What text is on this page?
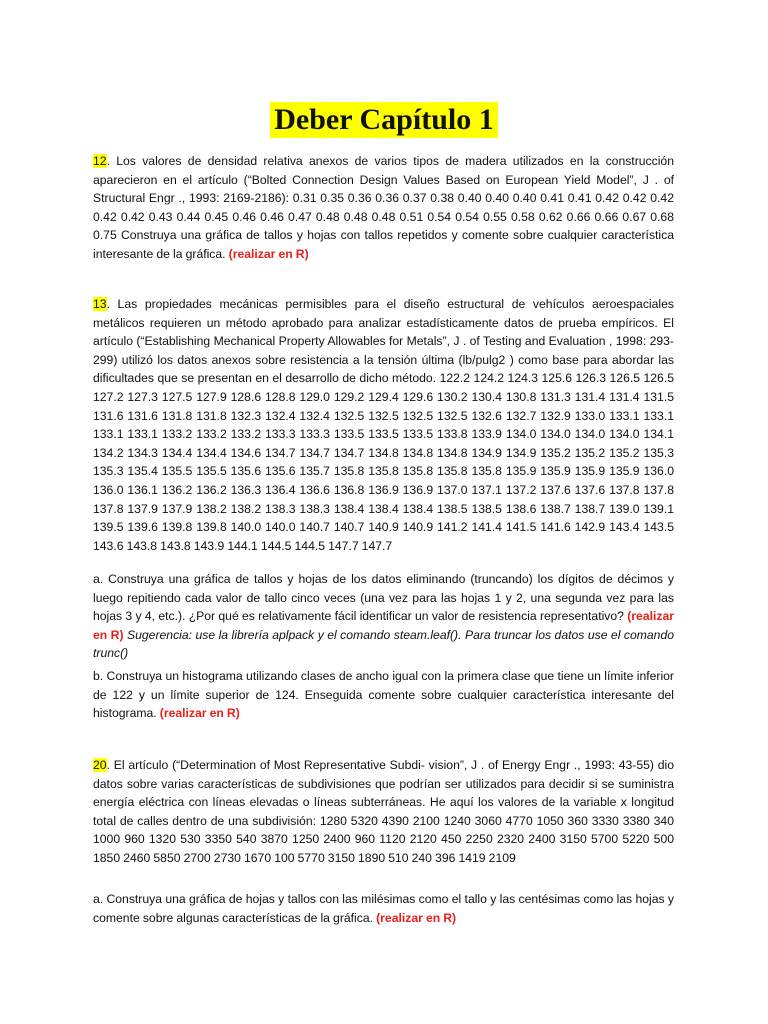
Deber Capítulo 1

12. Los valores de densidad relativa anexos de varios tipos de madera utilizados en la construcción aparecieron en el artículo (“Bolted Connection Design Values Based on European Yield Model”, J . of Structural Engr ., 1993: 2169-2186): 0.31 0.35 0.36 0.36 0.37 0.38 0.40 0.40 0.40 0.41 0.41 0.42 0.42 0.42 0.42 0.42 0.43 0.44 0.45 0.46 0.46 0.47 0.48 0.48 0.48 0.51 0.54 0.54 0.55 0.58 0.62 0.66 0.66 0.67 0.68 0.75 Construya una gráfica de tallos y hojas con tallos repetidos y comente sobre cualquier característica interesante de la gráfica. (realizar en R)

13. Las propiedades mecánicas permisibles para el diseño estructural de vehículos aeroespaciales metálicos requieren un método aprobado para analizar estadísticamente datos de prueba empíricos. El artículo (“Establishing Mechanical Property Allowables for Metals”, J . of Testing and Evaluation , 1998: 293-299) utilizó los datos anexos sobre resistencia a la tensión última (lb/pulg2 ) como base para abordar las dificultades que se presentan en el desarrollo de dicho método. 122.2 124.2 124.3 125.6 126.3 126.5 126.5 127.2 127.3 127.5 127.9 128.6 128.8 129.0 129.2 129.4 129.6 130.2 130.4 130.8 131.3 131.4 131.4 131.5 131.6 131.6 131.8 131.8 132.3 132.4 132.4 132.5 132.5 132.5 132.5 132.6 132.7 132.9 133.0 133.1 133.1 133.1 133.1 133.2 133.2 133.2 133.3 133.3 133.5 133.5 133.5 133.8 133.9 134.0 134.0 134.0 134.0 134.1 134.2 134.3 134.4 134.4 134.6 134.7 134.7 134.7 134.8 134.8 134.8 134.9 134.9 135.2 135.2 135.2 135.3 135.3 135.4 135.5 135.5 135.6 135.6 135.7 135.8 135.8 135.8 135.8 135.8 135.9 135.9 135.9 135.9 136.0 136.0 136.1 136.2 136.2 136.3 136.4 136.6 136.8 136.9 136.9 137.0 137.1 137.2 137.6 137.6 137.8 137.8 137.8 137.9 137.9 138.2 138.2 138.3 138.3 138.4 138.4 138.4 138.5 138.5 138.6 138.7 138.7 139.0 139.1 139.5 139.6 139.8 139.8 140.0 140.0 140.7 140.7 140.9 140.9 141.2 141.4 141.5 141.6 142.9 143.4 143.5 143.6 143.8 143.8 143.9 144.1 144.5 144.5 147.7 147.7

a. Construya una gráfica de tallos y hojas de los datos eliminando (truncando) los dígitos de décimos y luego repitiendo cada valor de tallo cinco veces (una vez para las hojas 1 y 2, una segunda vez para las hojas 3 y 4, etc.). ¿Por qué es relativamente fácil identificar un valor de resistencia representativo? (realizar en R) Sugerencia: use la librería aplpack y el comando steam.leaf(). Para truncar los datos use el comando trunc()

b. Construya un histograma utilizando clases de ancho igual con la primera clase que tiene un límite inferior de 122 y un límite superior de 124. Enseguida comente sobre cualquier característica interesante del histograma. (realizar en R)

20. El artículo (“Determination of Most Representative Subdi- vision”, J . of Energy Engr ., 1993: 43-55) dio datos sobre varias características de subdivisiones que podrían ser utilizados para decidir si se suministra energía eléctrica con líneas elevadas o líneas subterráneas. He aquí los valores de la variable x longitud total de calles dentro de una subdivisión: 1280 5320 4390 2100 1240 3060 4770 1050 360 3330 3380 340 1000 960 1320 530 3350 540 3870 1250 2400 960 1120 2120 450 2250 2320 2400 3150 5700 5220 500 1850 2460 5850 2700 2730 1670 100 5770 3150 1890 510 240 396 1419 2109

a. Construya una gráfica de hojas y tallos con las milésimas como el tallo y las centésimas como las hojas y comente sobre algunas características de la gráfica. (realizar en R)
